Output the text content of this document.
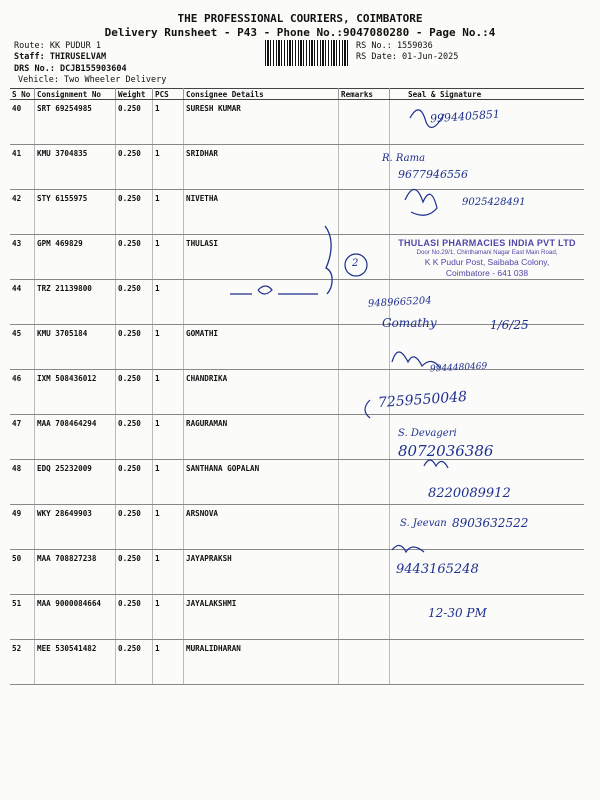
THE PROFESSIONAL COURIERS, COIMBATORE
Delivery Runsheet - P43 - Phone No.:9047080280 - Page No.:4
Route: KK PUDUR 1
Staff: THIRUSELVAM
DRS No.: DCJB155903604
Vehicle: Two Wheeler Delivery
RS No.: 1559036
RS Date: 01-Jun-2025
S No	Consignment No	Weight	PCS	Consignee Details	Remarks	Seal & Signature
40	SRT 69254985	0.250	1	SURESH KUMAR		
41	KMU 3704835	0.250	1	SRIDHAR		
42	STY 6155975	0.250	1	NIVETHA		
43	GPM 469829	0.250	1	THULASI		
44	TRZ 21139800	0.250	1			
45	KMU 3705184	0.250	1	GOMATHI		
46	IXM 508436012	0.250	1	CHANDRIKA		
47	MAA 708464294	0.250	1	RAGURAMAN		
48	EDQ 25232009	0.250	1	SANTHANA GOPALAN		
49	WKY 28649903	0.250	1	ARSNOVA		
50	MAA 708827238	0.250	1	JAYAPRAKSH		
51	MAA 9000084664	0.250	1	JAYALAKSHMI		
52	MEE 530541482	0.250	1	MURALIDHARAN		
THULASI PHARMACIES INDIA PVT LTD
Door No.29/1, Chinthamani Nagar East Main Road,
K K Pudur Post, Saibaba Colony,
Coimbatore - 641 038
9994405851
R. Rama
9677946556
9025428491
2
9489665204
Gomathy	1/6/25
9944480469
7259550048
S. Devageri
8072036386
8220089912
S. Jeevan 8903632522
9443165248
12-30 PM
